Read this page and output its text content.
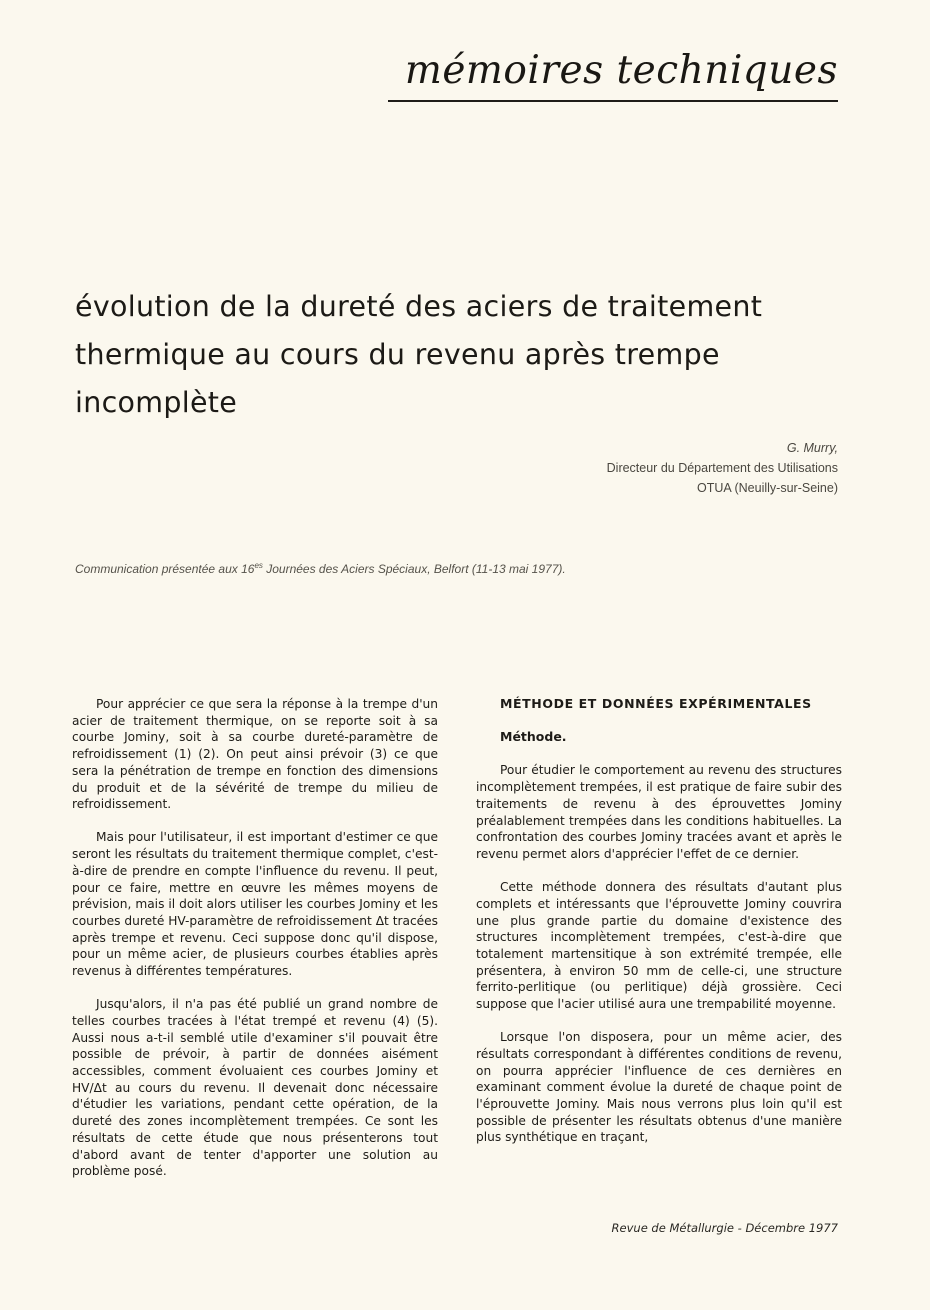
mémoires techniques
évolution de la dureté des aciers de traitement
thermique au cours du revenu après trempe
incomplète
G. Murry,
Directeur du Département des Utilisations
OTUA (Neuilly-sur-Seine)
Communication présentée aux $16^{es}$ Journées des Aciers Spéciaux, Belfort (11-13 mai 1977).

Pour apprécier ce que sera la réponse à la trempe d'un acier de traitement thermique, on se reporte soit à sa courbe Jominy, soit à sa courbe dureté-paramètre de refroidissement (1) (2). On peut ainsi prévoir (3) ce que sera la pénétration de trempe en fonction des dimensions du produit et de la sévérité de trempe du milieu de refroidissement.

Mais pour l'utilisateur, il est important d'estimer ce que seront les résultats du traitement thermique complet, c'est-à-dire de prendre en compte l'influence du revenu. Il peut, pour ce faire, mettre en œuvre les mêmes moyens de prévision, mais il doit alors utiliser les courbes Jominy et les courbes dureté HV-paramètre de refroidissement Δt tracées après trempe et revenu. Ceci suppose donc qu'il dispose, pour un même acier, de plusieurs courbes établies après revenus à différentes températures.

Jusqu'alors, il n'a pas été publié un grand nombre de telles courbes tracées à l'état trempé et revenu (4) (5). Aussi nous a-t-il semblé utile d'examiner s'il pouvait être possible de prévoir, à partir de données aisément accessibles, comment évoluaient ces courbes Jominy et HV/Δt au cours du revenu. Il devenait donc nécessaire d'étudier les variations, pendant cette opération, de la dureté des zones incomplètement trempées. Ce sont les résultats de cette étude que nous présenterons tout d'abord avant de tenter d'apporter une solution au problème posé.

MÉTHODE ET DONNÉES EXPÉRIMENTALES

Méthode.

Pour étudier le comportement au revenu des structures incomplètement trempées, il est pratique de faire subir des traitements de revenu à des éprouvettes Jominy préalablement trempées dans les conditions habituelles. La confrontation des courbes Jominy tracées avant et après le revenu permet alors d'apprécier l'effet de ce dernier.

Cette méthode donnera des résultats d'autant plus complets et intéressants que l'éprouvette Jominy couvrira une plus grande partie du domaine d'existence des structures incomplètement trempées, c'est-à-dire que totalement martensitique à son extrémité trempée, elle présentera, à environ 50 mm de celle-ci, une structure ferrito-perlitique (ou perlitique) déjà grossière. Ceci suppose que l'acier utilisé aura une trempabilité moyenne.

Lorsque l'on disposera, pour un même acier, des résultats correspondant à différentes conditions de revenu, on pourra apprécier l'influence de ces dernières en examinant comment évolue la dureté de chaque point de l'éprouvette Jominy. Mais nous verrons plus loin qu'il est possible de présenter les résultats obtenus d'une manière plus synthétique en traçant,

Revue de Métallurgie - Décembre 1977
